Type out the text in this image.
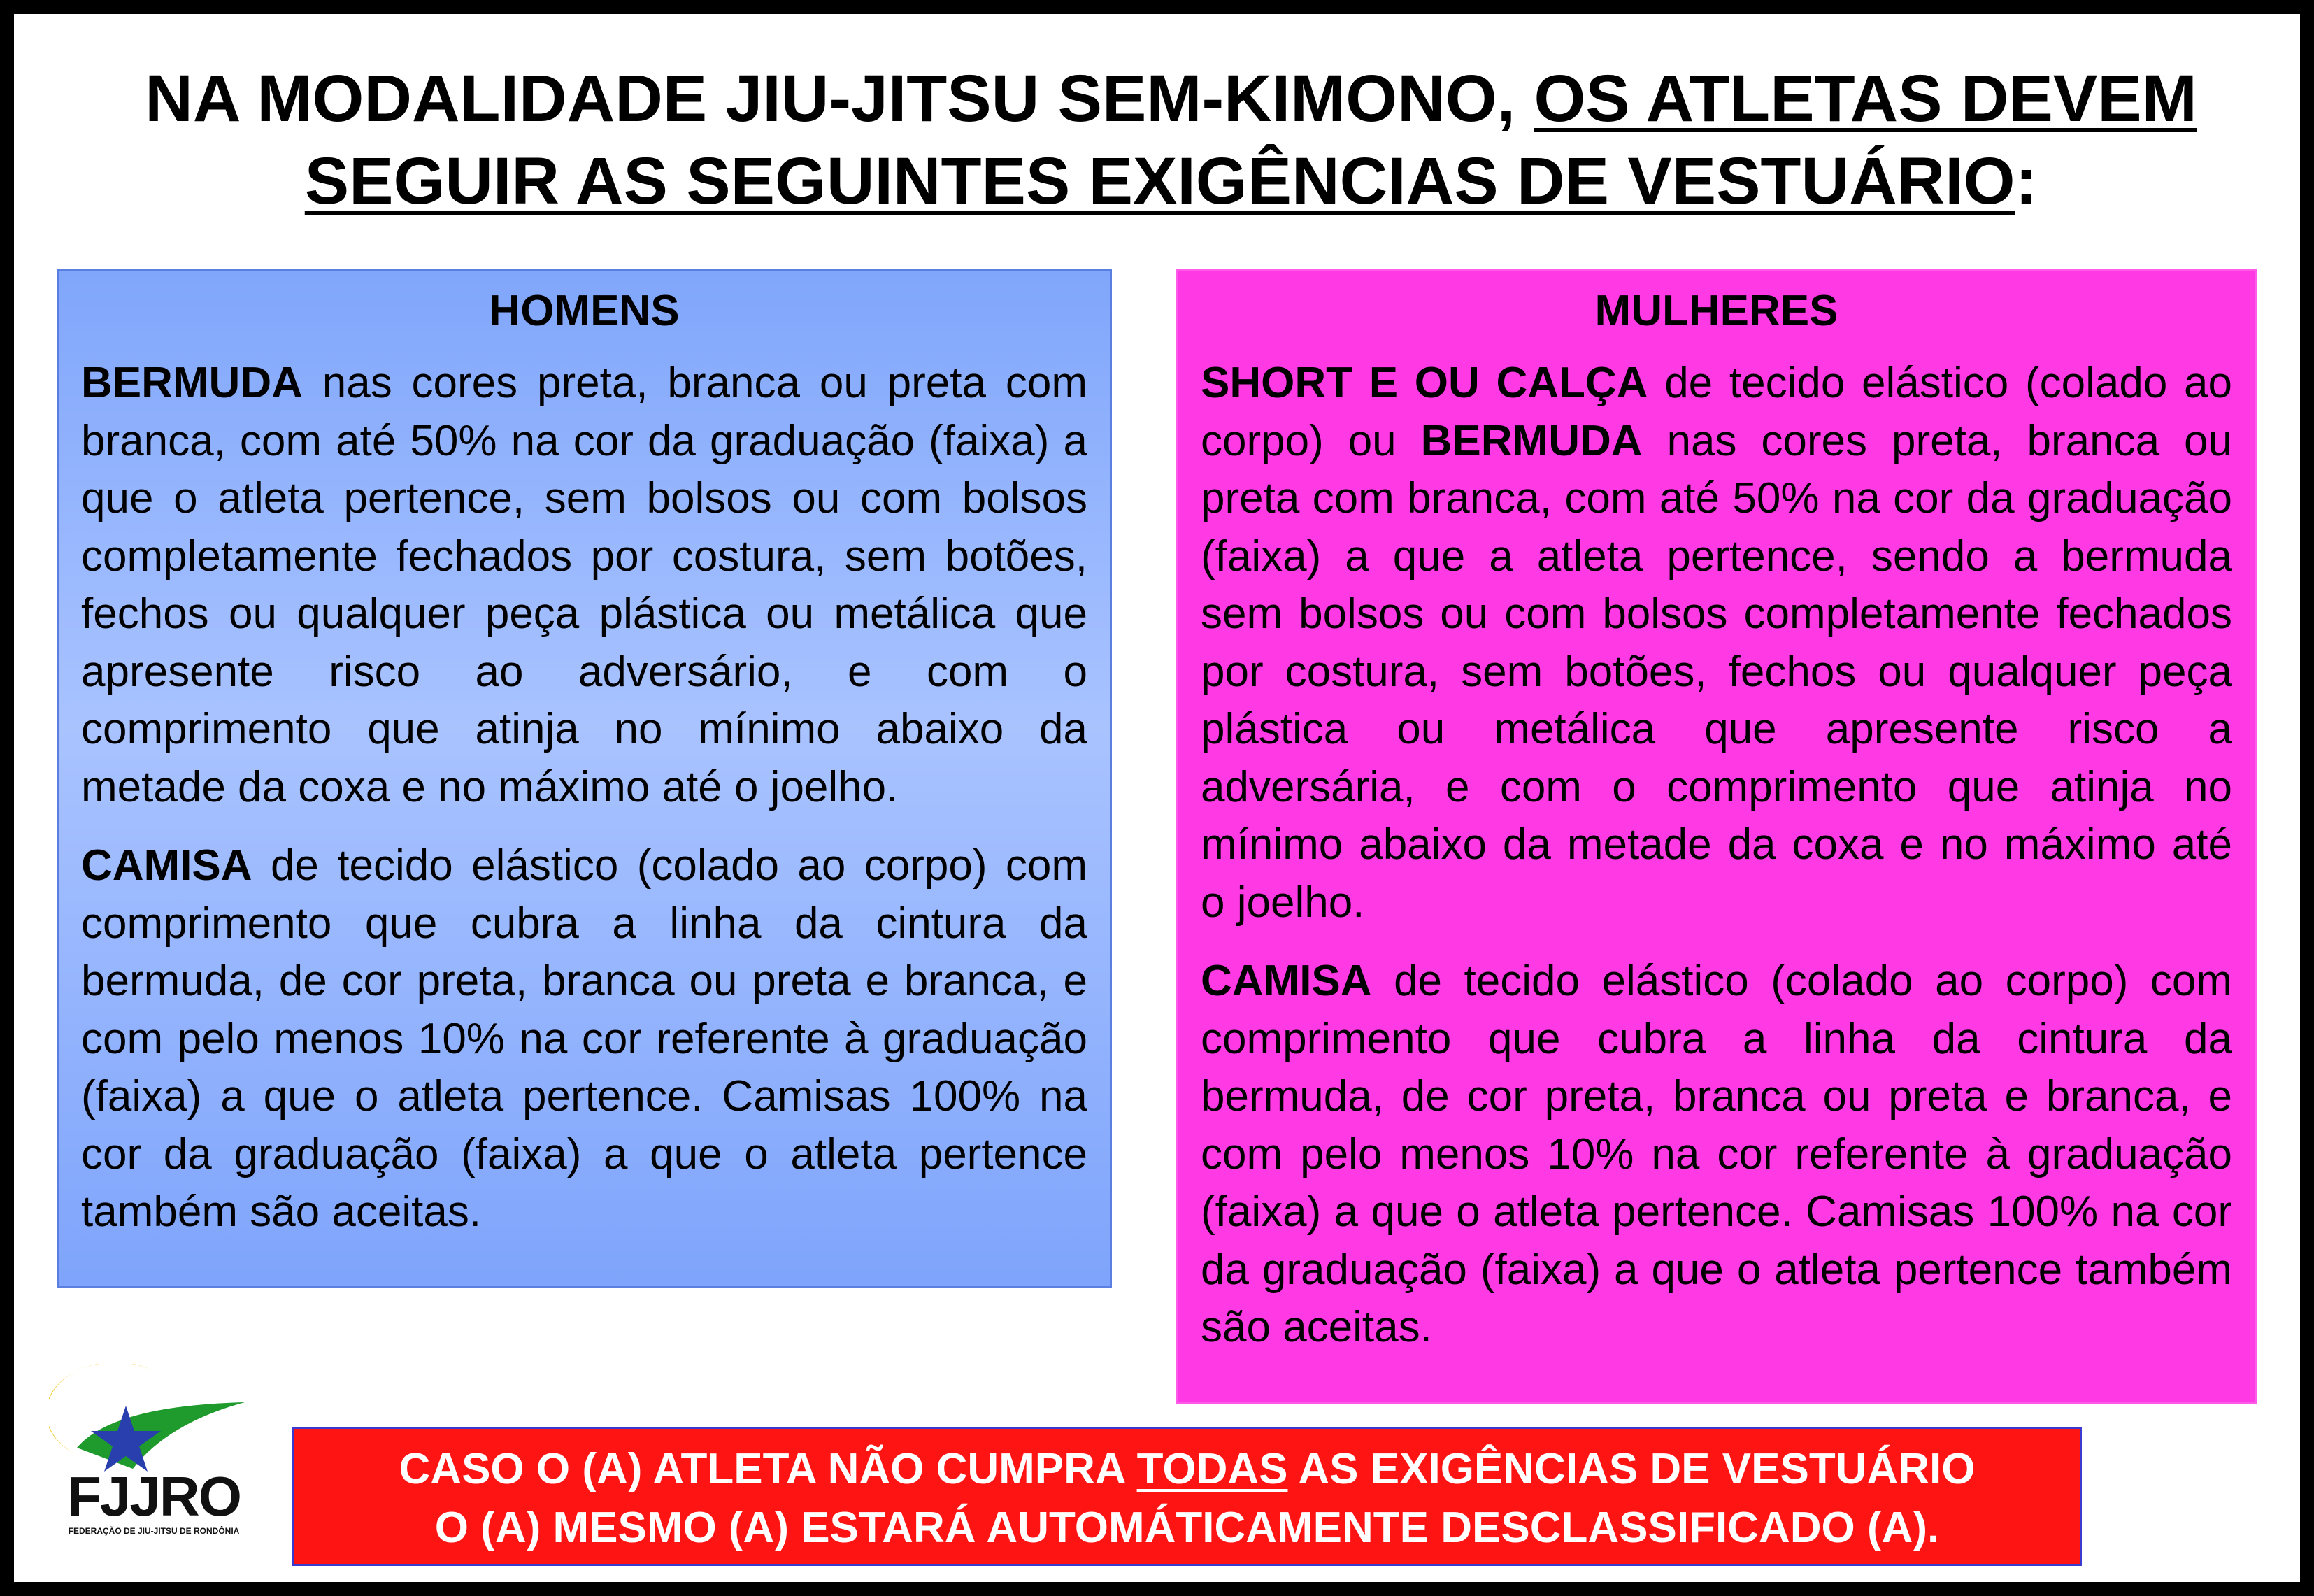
NA MODALIDADE JIU-JITSU SEM-KIMONO, OS ATLETAS DEVEM
SEGUIR AS SEGUINTES EXIGÊNCIAS DE VESTUÁRIO:
HOMENS

BERMUDA nas cores preta, branca ou preta com branca, com até 50% na cor da graduação (faixa) a que o atleta pertence, sem bolsos ou com bolsos completamente fechados por costura, sem botões, fechos ou qualquer peça plástica ou metálica que apresente risco ao adversário, e com o comprimento que atinja no mínimo abaixo da metade da coxa e no máximo até o joelho.

CAMISA de tecido elástico (colado ao corpo) com comprimento que cubra a linha da cintura da bermuda, de cor preta, branca ou preta e branca, e com pelo menos 10% na cor referente à graduação (faixa) a que o atleta pertence. Camisas 100% na cor da graduação (faixa) a que o atleta pertence também são aceitas.

MULHERES

SHORT E OU CALÇA de tecido elástico (colado ao corpo) ou BERMUDA nas cores preta, branca ou preta com branca, com até 50% na cor da graduação (faixa) a que a atleta pertence, sendo a bermuda sem bolsos ou com bolsos completamente fechados por costura, sem botões, fechos ou qualquer peça plástica ou metálica que apresente risco a adversária, e com o comprimento que atinja no mínimo abaixo da metade da coxa e no máximo até o joelho.

CAMISA de tecido elástico (colado ao corpo) com comprimento que cubra a linha da cintura da bermuda, de cor preta, branca ou preta e branca, e com pelo menos 10% na cor referente à graduação (faixa) a que o atleta pertence. Camisas 100% na cor da graduação (faixa) a que o atleta pertence também são aceitas.

FJJRO
FEDERAÇÃO DE JIU-JITSU DE RONDÔNIA
CASO O (A) ATLETA NÃO CUMPRA TODAS AS EXIGÊNCIAS DE VESTUÁRIO
O (A) MESMO (A) ESTARÁ AUTOMÁTICAMENTE DESCLASSIFICADO (A).
